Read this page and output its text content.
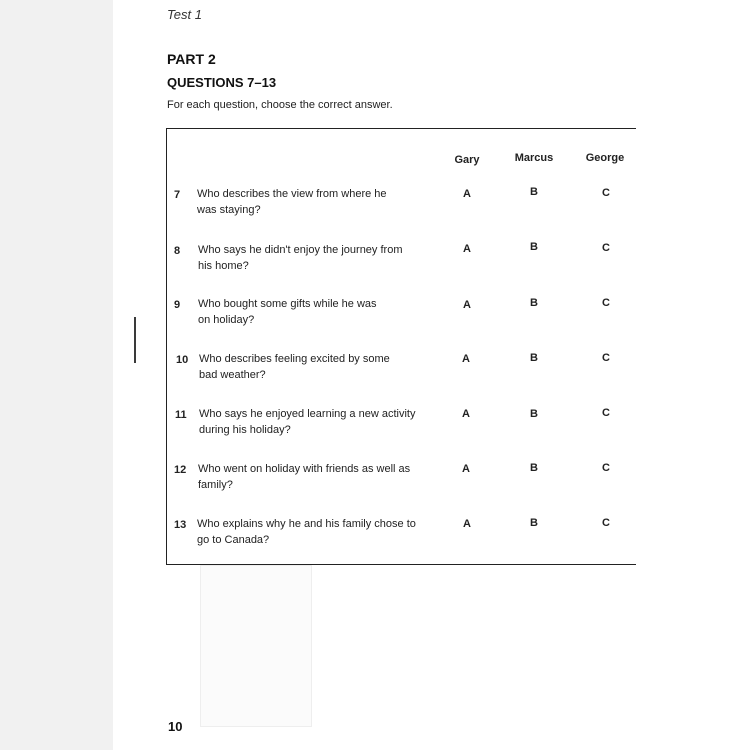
Test 1
PART 2
QUESTIONS 7–13
For each question, choose the correct answer.
Gary	Marcus	George
7 Who describes the view from where he
was staying?
A	B	C
8 Who says he didn't enjoy the journey from
his home?
A	B	C
9 Who bought some gifts while he was
on holiday?
A	B	C
10 Who describes feeling excited by some
bad weather?
A	B	C
11 Who says he enjoyed learning a new activity
during his holiday?
A	B	C
12 Who went on holiday with friends as well as
family?
A	B	C
13 Who explains why he and his family chose to
go to Canada?
A	B	C
10
